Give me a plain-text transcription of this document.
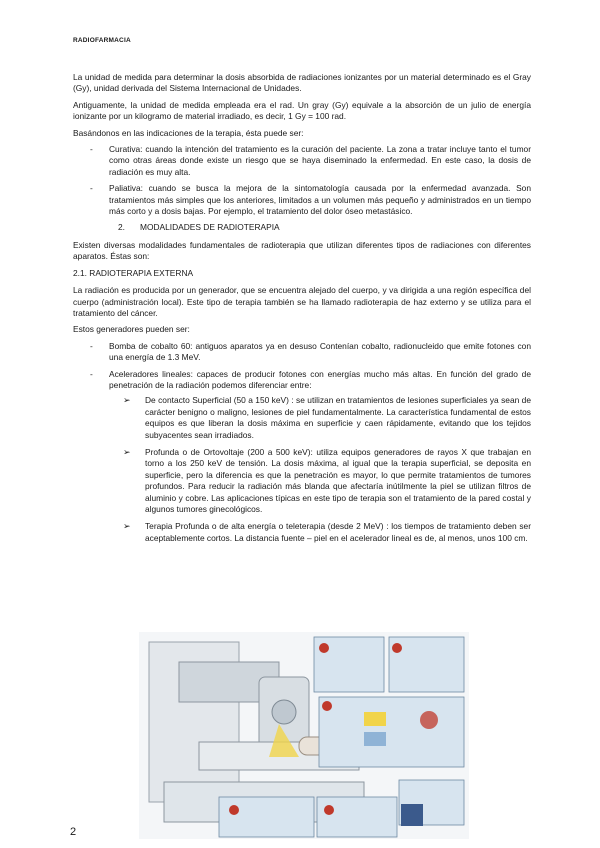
RADIOFARMACIA

La unidad de medida para determinar la dosis absorbida de radiaciones ionizantes por un material determinado es el Gray (Gy), unidad derivada del Sistema Internacional de Unidades.

Antiguamente, la unidad de medida empleada era el rad. Un gray (Gy) equivale a la absorción de un julio de energía ionizante por un kilogramo de material irradiado, es decir, 1 Gy = 100 rad.

Basándonos en las indicaciones de la terapia, ésta puede ser:

- Curativa: cuando la intención del tratamiento es la curación del paciente. La zona a tratar incluye tanto el tumor como otras áreas donde existe un riesgo que se haya diseminado la enfermedad. En este caso, la dosis de radiación es muy alta.
- Paliativa: cuando se busca la mejora de la sintomatología causada por la enfermedad avanzada. Son tratamientos más simples que los anteriores, limitados a un volumen más pequeño y administrados en un tiempo más corto y a dosis bajas. Por ejemplo, el tratamiento del dolor óseo metastásico.
2. MODALIDADES DE RADIOTERAPIA

Existen diversas modalidades fundamentales de radioterapia que utilizan diferentes tipos de radiaciones con diferentes aparatos. Éstas son:

2.1. RADIOTERAPIA EXTERNA

La radiación es producida por un generador, que se encuentra alejado del cuerpo, y va dirigida a una región específica del cuerpo (administración local). Este tipo de terapia también se ha llamado radioterapia de haz externo y se utiliza para el tratamiento del cáncer.

Estos generadores pueden ser:

- Bomba de cobalto 60: antiguos aparatos ya en desuso Contenían cobalto, radionucleido que emite fotones con una energía de 1.3 MeV.
- Aceleradores lineales: capaces de producir fotones con energías mucho más altas. En función del grado de penetración de la radiación podemos diferenciar entre:
➢ De contacto Superficial (50 a 150 keV) : se utilizan en tratamientos de lesiones superficiales ya sean de carácter benigno o maligno, lesiones de piel fundamentalmente. La característica fundamental de estos equipos es que liberan la dosis máxima en superficie y caen rápidamente, evitando que los tejidos subyacentes sean irradiados.
➢ Profunda o de Ortovoltaje (200 a 500 keV): utiliza equipos generadores de rayos X que trabajan en torno a los 250 keV de tensión. La dosis máxima, al igual que la terapia superficial, se deposita en superficie, pero la diferencia es que la penetración es mayor, lo que permite tratamientos de tumores profundos. Para reducir la radiación más blanda que afectaría inútilmente la piel se utilizan filtros de aluminio y cobre. Las aplicaciones típicas en este tipo de terapia son el tratamiento de la pared costal y algunos tumores ginecológicos.
➢ Terapia Profunda o de alta energía o teleterapia (desde 2 MeV) : los tiempos de tratamiento deben ser aceptablemente cortos. La distancia fuente – piel en el acelerador lineal es de, al menos, unos 100 cm.
2
